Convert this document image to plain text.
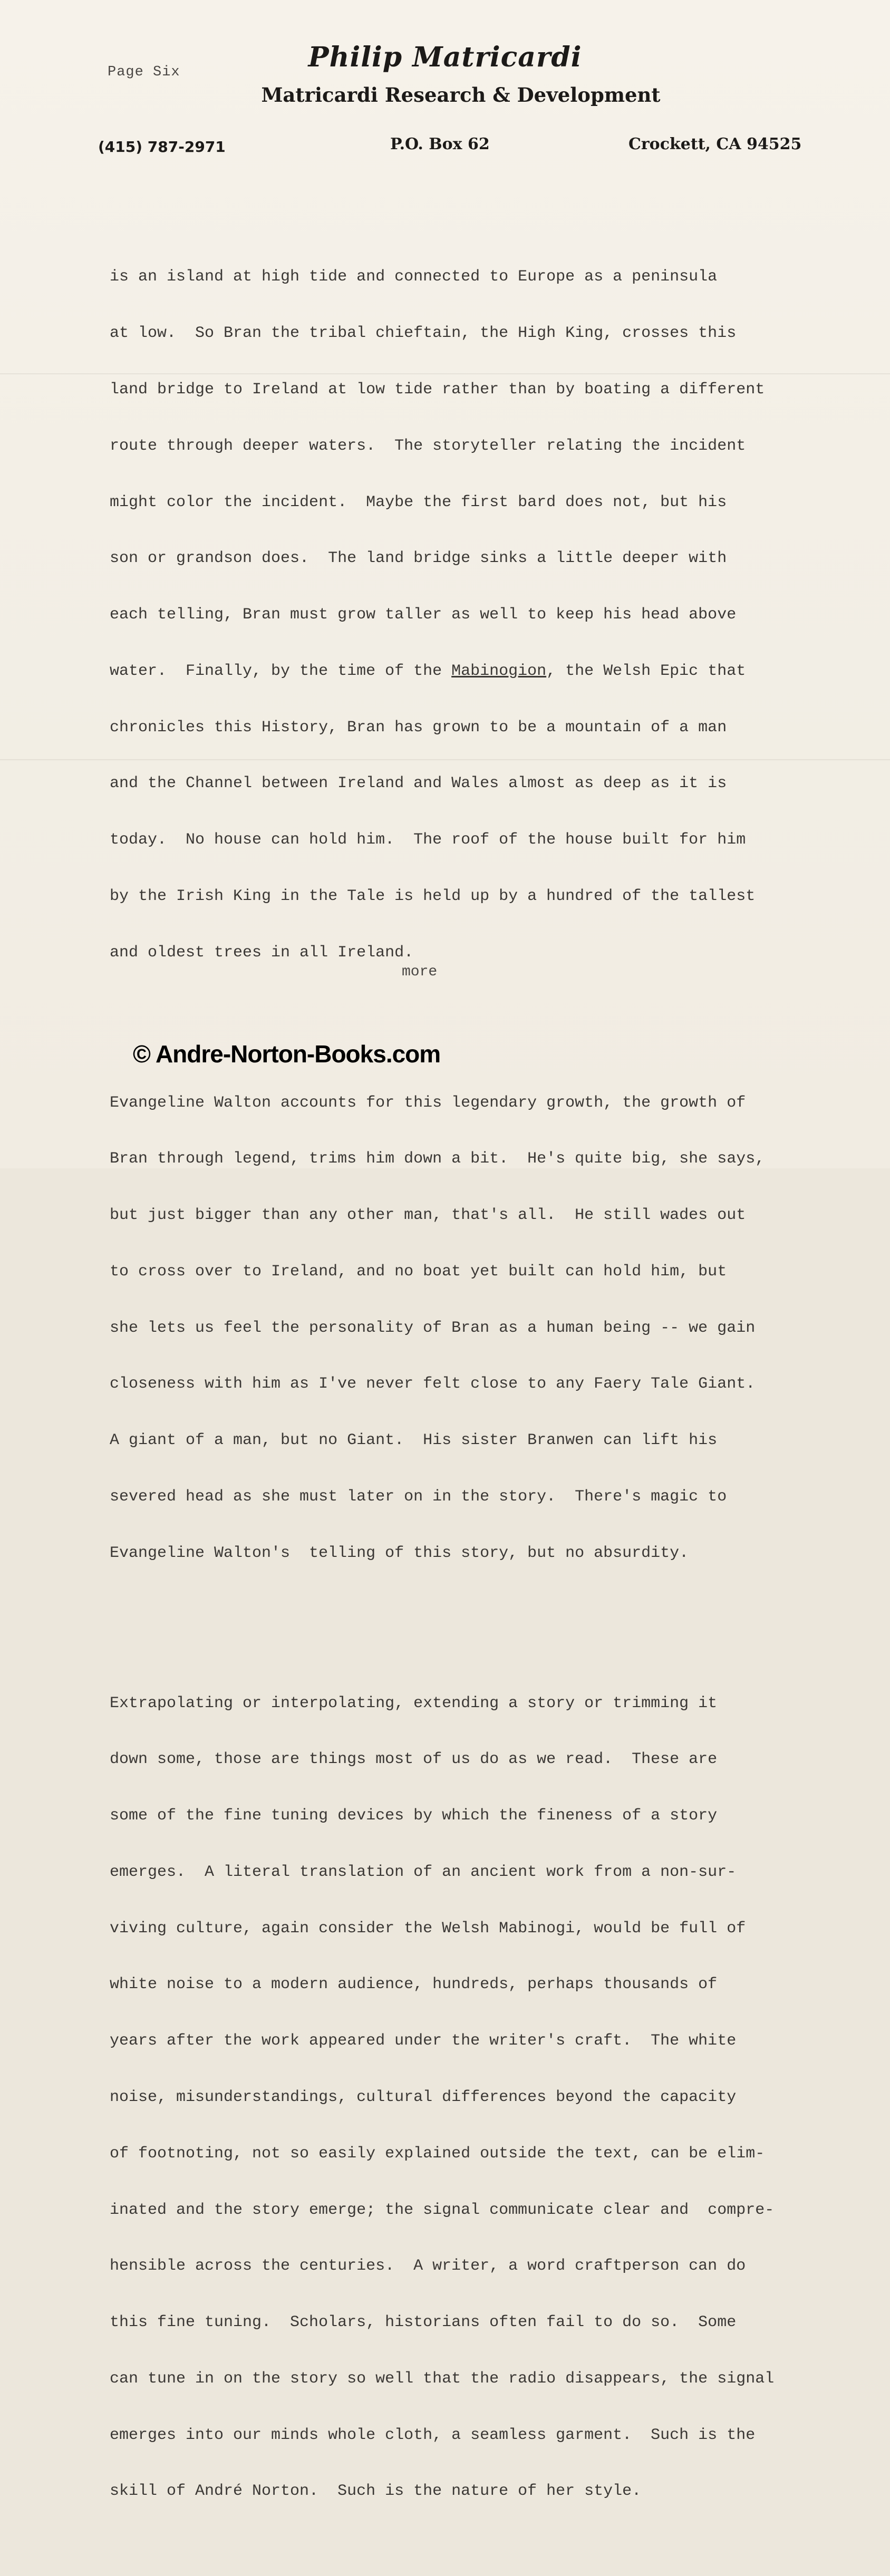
Page Six	Philip Matricardi
Matricardi Research & Development
(415) 787-2971	P.O. Box 62	Crockett, CA 94525

is an island at high tide and connected to Europe as a peninsula

at low.  So Bran the tribal chieftain, the High King, crosses this

land bridge to Ireland at low tide rather than by boating a different

route through deeper waters.  The storyteller relating the incident

might color the incident.  Maybe the first bard does not, but his

son or grandson does.  The land bridge sinks a little deeper with

each telling, Bran must grow taller as well to keep his head above

water.  Finally, by the time of the Mabinogion, the Welsh Epic that

chronicles this History, Bran has grown to be a mountain of a man

and the Channel between Ireland and Wales almost as deep as it is

today.  No house can hold him.  The roof of the house built for him

by the Irish King in the Tale is held up by a hundred of the tallest

and oldest trees in all Ireland.

Evangeline Walton accounts for this legendary growth, the growth of

Bran through legend, trims him down a bit.  He's quite big, she says,

but just bigger than any other man, that's all.  He still wades out

to cross over to Ireland, and no boat yet built can hold him, but

she lets us feel the personality of Bran as a human being -- we gain

closeness with him as I've never felt close to any Faery Tale Giant.

A giant of a man, but no Giant.  His sister Branwen can lift his

severed head as she must later on in the story.  There's magic to

Evangeline Walton's  telling of this story, but no absurdity.

Extrapolating or interpolating, extending a story or trimming it

down some, those are things most of us do as we read.  These are

some of the fine tuning devices by which the fineness of a story

emerges.  A literal translation of an ancient work from a non-sur-

viving culture, again consider the Welsh Mabinogi, would be full of

white noise to a modern audience, hundreds, perhaps thousands of

years after the work appeared under the writer's craft.  The white

noise, misunderstandings, cultural differences beyond the capacity

of footnoting, not so easily explained outside the text, can be elim-

inated and the story emerge; the signal communicate clear and  compre-

hensible across the centuries.  A writer, a word craftperson can do

this fine tuning.  Scholars, historians often fail to do so.  Some

can tune in on the story so well that the radio disappears, the signal

emerges into our minds whole cloth, a seamless garment.  Such is the

skill of André Norton.  Such is the nature of her style.

more
© Andre-Norton-Books.com
